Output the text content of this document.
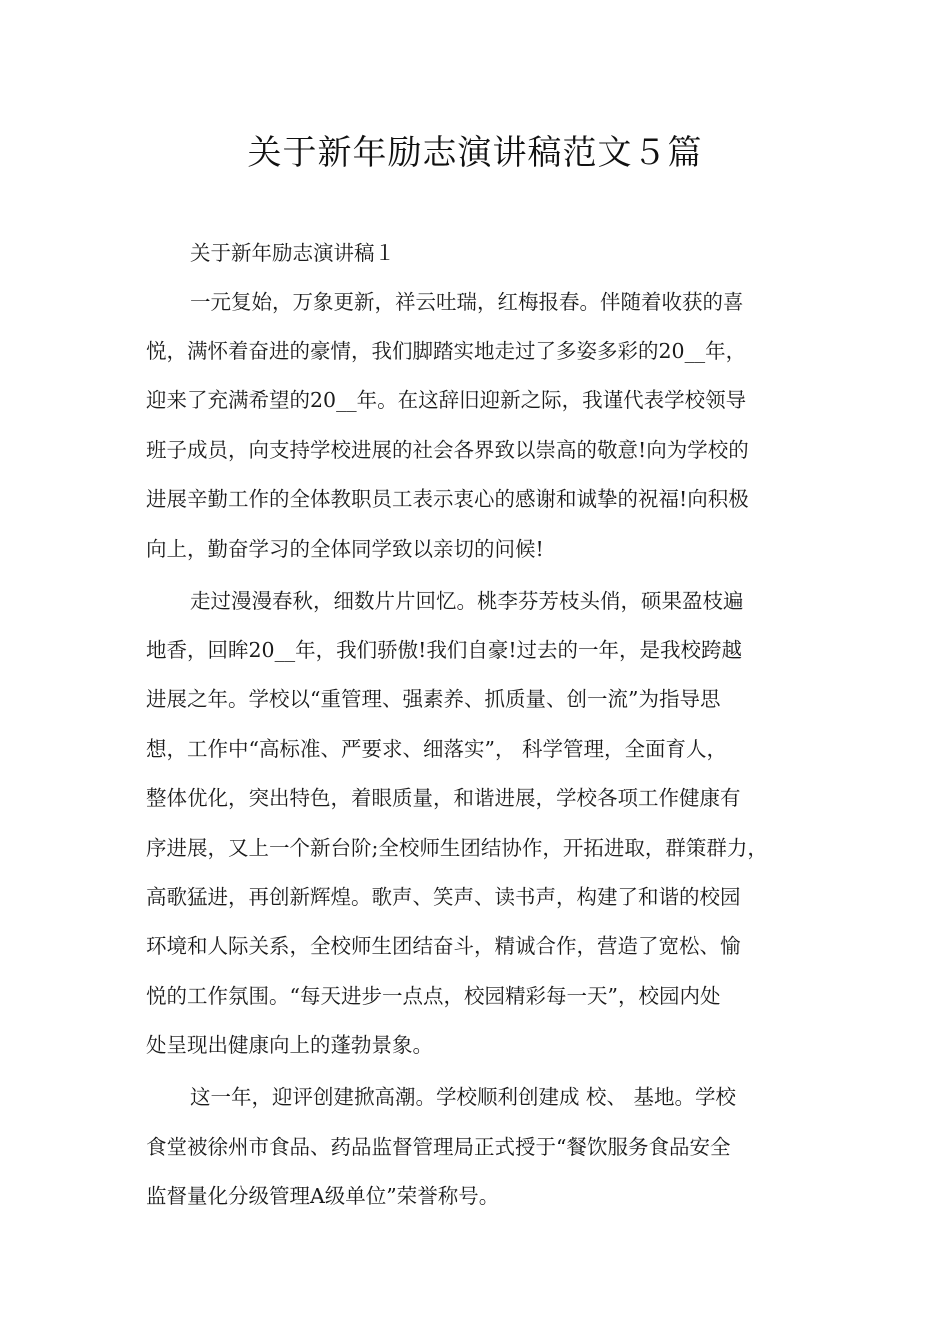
关于新年励志演讲稿范文５篇

关于新年励志演讲稿１

一元复始，万象更新，祥云吐瑞，红梅报春。伴随着收获的喜

悦，满怀着奋进的豪情，我们脚踏实地走过了多姿多彩的20__年，

迎来了充满希望的20__年。在这辞旧迎新之际，我谨代表学校领导

班子成员，向支持学校进展的社会各界致以崇高的敬意!向为学校的

进展辛勤工作的全体教职员工表示衷心的感谢和诚挚的祝福!向积极

向上，勤奋学习的全体同学致以亲切的问候!

走过漫漫春秋，细数片片回忆。桃李芬芳枝头俏，硕果盈枝遍

地香，回眸20__年，我们骄傲!我们自豪!过去的一年，是我校跨越

进展之年。学校以“重管理、强素养、抓质量、创一流”为指导思

想，工作中“高标准、严要求、细落实”， 科学管理，全面育人，

整体优化，突出特色，着眼质量，和谐进展，学校各项工作健康有

序进展，又上一个新台阶;全校师生团结协作，开拓进取，群策群力，

高歌猛进，再创新辉煌。歌声、笑声、读书声，构建了和谐的校园

环境和人际关系，全校师生团结奋斗，精诚合作，营造了宽松、愉

悦的工作氛围。“每天进步一点点，校园精彩每一天”，校园内处

处呈现出健康向上的蓬勃景象。

这一年，迎评创建掀高潮。学校顺利创建成 校、 基地。学校

食堂被徐州市食品、药品监督管理局正式授于“餐饮服务食品安全

监督量化分级管理A级单位”荣誉称号。
